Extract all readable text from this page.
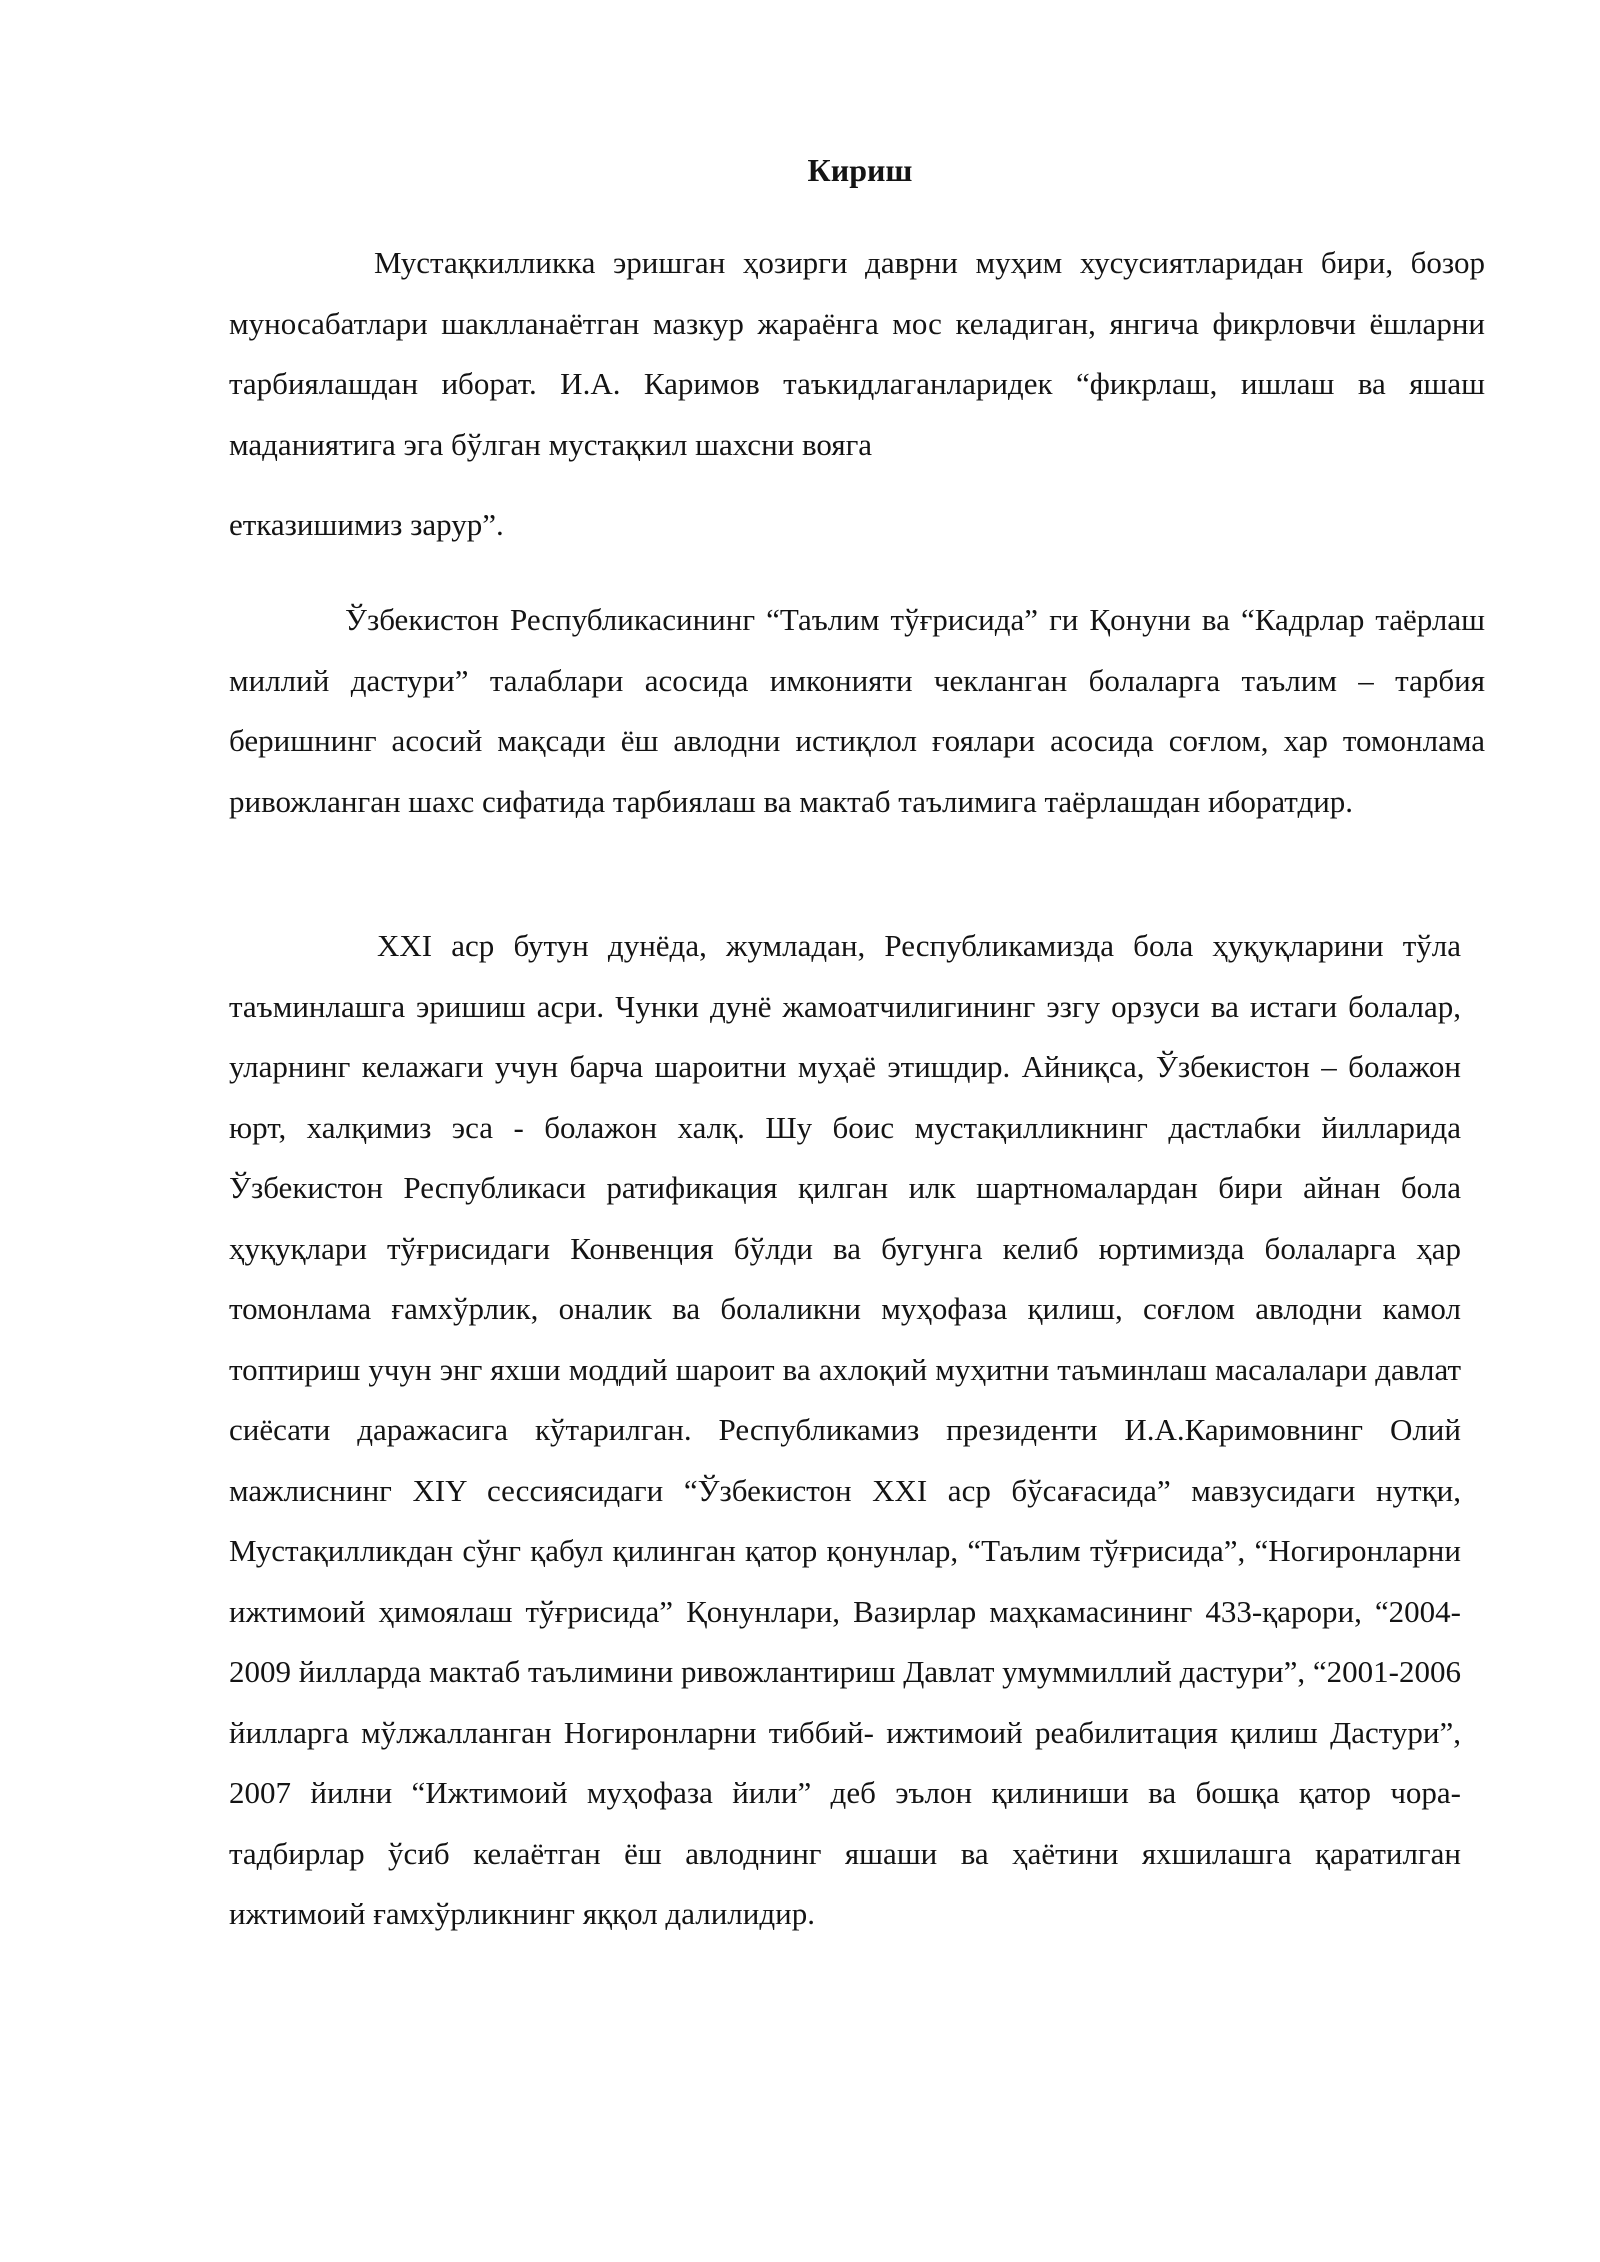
Кириш

Мустақкилликка эришган ҳозирги даврни муҳим хусусиятларидан бири, бозор муносабатлари шаклланаётган мазкур жараёнга мос келадиган, янгича фикрловчи ёшларни тарбиялашдан иборат. И.А. Каримов таъкидлаганларидек “фикрлаш, ишлаш ва яшаш маданиятига эга бўлган мустақкил шахсни вояга
етказишимиз зарур”.

Ўзбекистон Республикасининг “Таълим тўғрисида” ги Қонуни ва “Кадрлар таёрлаш миллий дастури” талаблари асосида имконияти чекланган болаларга таълим – тарбия беришнинг асосий мақсади ёш авлодни истиқлол ғоялари асосида соғлом, хар томонлама ривожланган шахс сифатида тарбиялаш ва мактаб таълимига таёрлашдан иборатдир.

XXI аср бутун дунёда, жумладан, Республикамизда бола ҳуқуқларини тўла таъминлашга эришиш асри. Чунки дунё жамоатчилигининг эзгу орзуси ва истаги болалар, уларнинг келажаги учун барча шароитни муҳаё этишдир. Айниқса, Ўзбекистон – болажон юрт, халқимиз эса - болажон халқ. Шу боис мустақилликнинг дастлабки йилларида Ўзбекистон Республикаси ратификация қилган илк шартномалардан бири айнан бола ҳуқуқлари тўғрисидаги Конвенция бўлди ва бугунга келиб юртимизда болаларга ҳар томонлама ғамхўрлик, оналик ва болаликни муҳофаза қилиш, соғлом авлодни камол топтириш учун энг яхши моддий шароит ва ахлоқий муҳитни таъминлаш масалалари давлат сиёсати даражасига кўтарилган. Республикамиз президенти И.А.Каримовнинг Олий мажлиснинг XIY сессиясидаги “Ўзбекистон XXI аср бўсағасида” мавзусидаги нутқи, Мустақилликдан сўнг қабул қилинган қатор қонунлар, “Таълим тўғрисида”, “Ногиронларни ижтимоий ҳимоялаш тўғрисида” Қонунлари, Вазирлар маҳкамасининг 433-қарори, “2004-2009 йилларда мактаб таълимини ривожлантириш Давлат умуммиллий дастури”, “2001-2006 йилларга мўлжалланган Ногиронларни тиббий- ижтимоий реабилитация қилиш Дастури”, 2007 йилни “Ижтимоий муҳофаза йили” деб эълон қилиниши ва бошқа қатор чора-тадбирлар ўсиб келаётган ёш авлоднинг яшаши ва ҳаётини яхшилашга қаратилган ижтимоий ғамхўрликнинг яққол далилидир.
